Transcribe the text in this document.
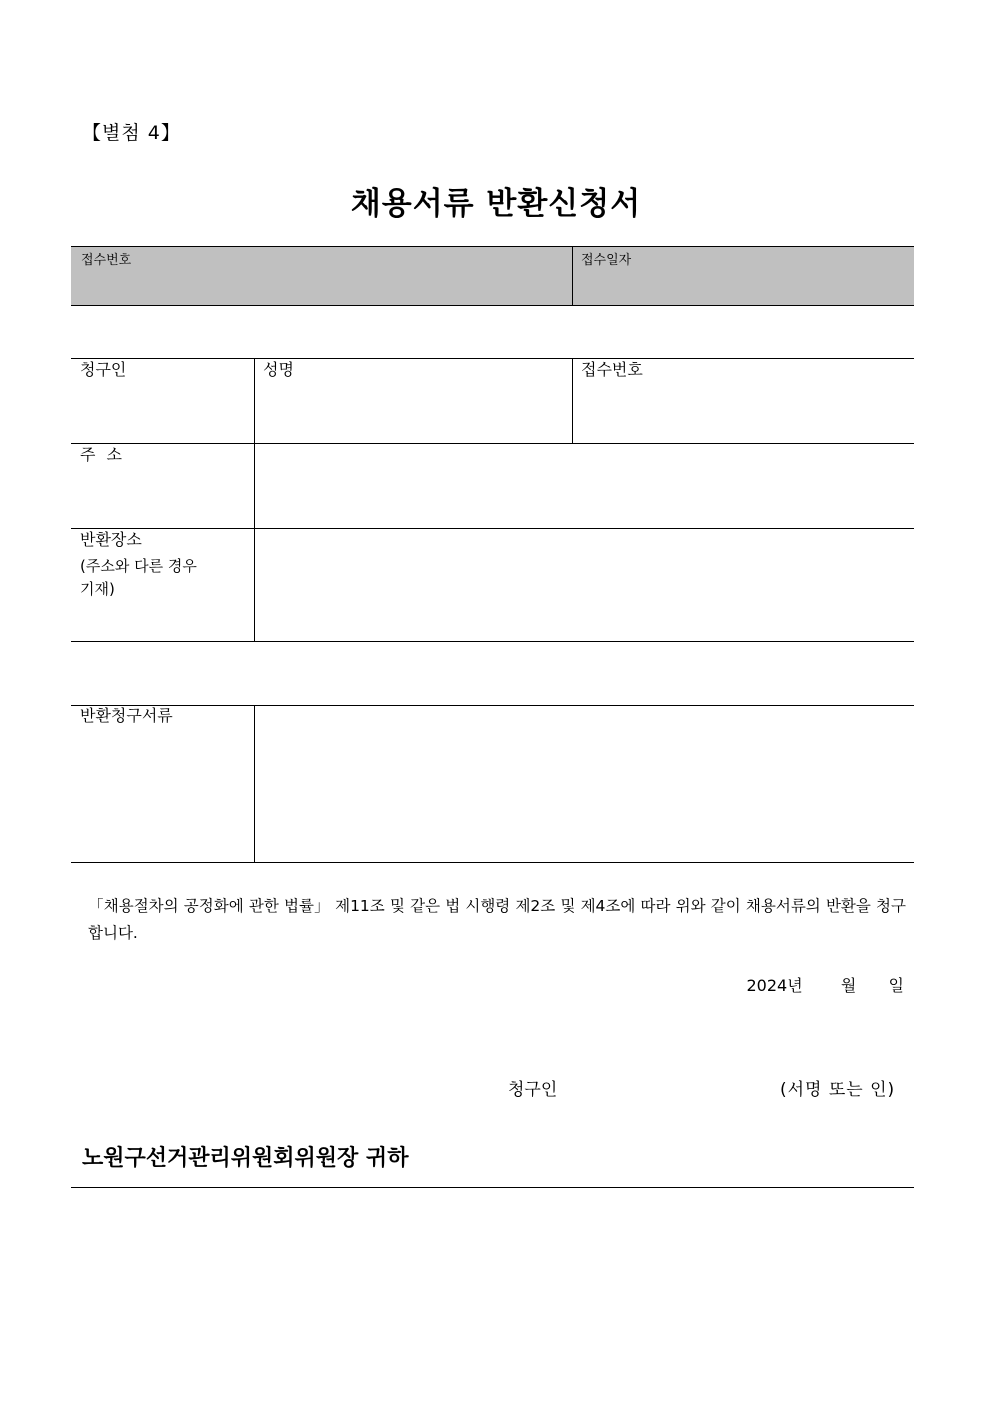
【별첨 4】
채용서류 반환신청서
접수번호	접수일자
청구인	성명	접수번호
주 소
반환장소
(주소와 다른 경우
기재)
반환청구서류
「채용절차의 공정화에 관한 법률」 제11조 및 같은 법 시행령 제2조 및 제4조에 따라 위와 같이 채용서류의 반환을 청구합니다.
2024년 월 일
청구인	(서명 또는 인)
노원구선거관리위원회위원장 귀하
